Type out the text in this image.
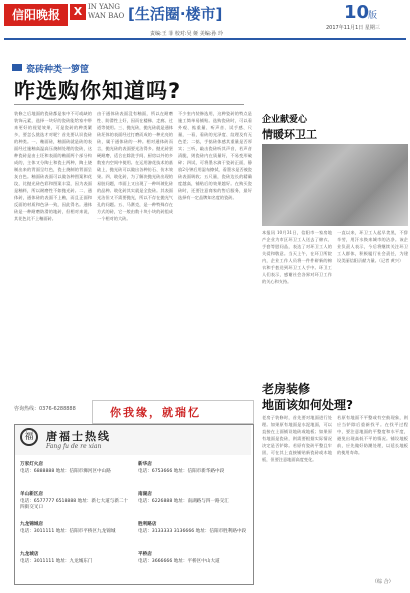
信阳晚报	X IN YANG WAN BAO [生活圈·楼市]	10
版
2017年11月1日 星期三
责编:王 菲 校对:吴 娅 美编:孙 玲
瓷砖种类一箩筐
咋选购你知道吗?
装修之后地面的瓷砖都是家中不可或缺的装饰元素，选择一块好的瓷砖能给家中带来更好的视觉效果，可是瓷砖的种类繁多，要怎么挑选才对呢？首先要认识瓷砖的种类。一、釉面砖，釉面砖就是砖的表面经过施釉高温高压烧制处理的瓷砖，这种瓷砖是由土坯和表面的釉面两个部分构成的，主体又分陶土和瓷土两种，陶土烧制出来的背面呈红色，瓷土烧制的背面呈灰白色。釉面砖表面可以做各种图案和花纹，比抛光砖色彩和图案丰富，因为表面是釉料，所以耐磨性不如抛光砖。二、通体砖，通体砖的表面不上釉，而且正面和反面的材质和色泽一致，因此得名。通体砖是一种耐磨防滑的地砖，但相对来说，其花色比不上釉面砖。
由于通体砖表面没有釉面，所以在耐磨性、防滑性上好，因而在楼梯、走廊、过道等使用。三、抛光砖，抛光砖就是通体砖坯体的表面经过打磨而成的一种光亮的砖，属于通体砖的一种。相对通体砖而言，抛光砖的表面要光洁得多。抛光砖坚硬耐磨，适合在除洗手间、厨房以外的多数室内空间中使用。在运用渗花技术的基础上，抛光砖可以做出各种仿石、仿木效果。四、玻化砖，为了解决抛光砖出现的易脏问题，市面上又出现了一种叫玻化砖的品种。玻化砖其实就是全瓷砖。其表面光洁但又不需要抛光，所以不存在抛光气孔的问题。五、马赛克，是一种特殊存在方式的砖，它一般由数十块小块的砖组成一个相对的大砖。
不少室内装修选用，这种瓷砖的特点是施工简单易铺贴。选购瓷砖时，可以看外观、掂重量、听声音、试手感、尺量，一看，看砖的光泽度、纹理及有无色差；二掂，手掂砖体感其重量是否厚实；三听，敲击瓷砖听其声音，若声音清脆，则瓷砖内在质量好，不易变形破碎；四试，可将墨水滴于瓷砖正面，静放2分钟后用湿布擦拭，看墨水是否被瓷砖表面吸收；五尺量，瓷砖边长的精确度越高，铺贴后的效果越好。在购买瓷砖时，还要注意商家的售后服务，最好选择有一定品牌知名度的瓷砖。
企业献爱心
情暖环卫工
本报讯 10月31日，信阳市一家房地产企业为市区环卫工人送去了棉衣、手套等慰问品，表达了对环卫工人的关爱和敬意。当天上午，在环卫所院内，企业工作人员将一件件崭新的棉衣和手套送到环卫工人手中。环卫工人们表示，感谢社会各界对环卫工作的关心和支持。
一直以来，环卫工人起早贪黑，不辞辛劳，用汗水换来城市的洁净。该企业负责人表示，今后将继续关注环卫工人群体，积极履行社会责任，为建设美丽信阳贡献力量。（记者 黄兴）
老房装修
地面该如何处理?
老房子装修时，首先要对地面进行处理。如果原有地面是水泥地面，可以直接在上面铺设地砖或地板；如果原有地面是瓷砖，则需要根据实际情况决定是否铲除。若原有瓷砖平整且牢固，可在其上直接铺贴新瓷砖或木地板，但要注意地面高度变化。
若原有地面不平整或有空鼓现象，则应当铲除后重新找平。在找平过程中，要注意地面的平整度和水平度，避免出现高低不平的情况。铺设地板前，应先做好防潮处理，以延长地板的使用寿命。
（综 合）
咨询热线：0376-6288888	你我缘，就瑞忆
福	唐福士热线
Fang fu de re xian
万家灯火店
电话：6888888 地址：信阳市浉河区中山路
新华店
电话：6753666 地址：信阳市新华路中段
羊山新区店
电话：6577777 6518888 地址：新七大道与新二十四街交叉口
南湖店
电话：6226888 地址：南湖路与四一路交汇
九龙锦城店
电话：3011111 地址：信阳市平桥区九龙锦城
胜利路店
电话：3133333 3136666 地址：信阳市胜利路中段
九龙城店
电话：3011111 地址：九龙城东门
平桥店
电话：3666666 地址：平桥区中山大道
